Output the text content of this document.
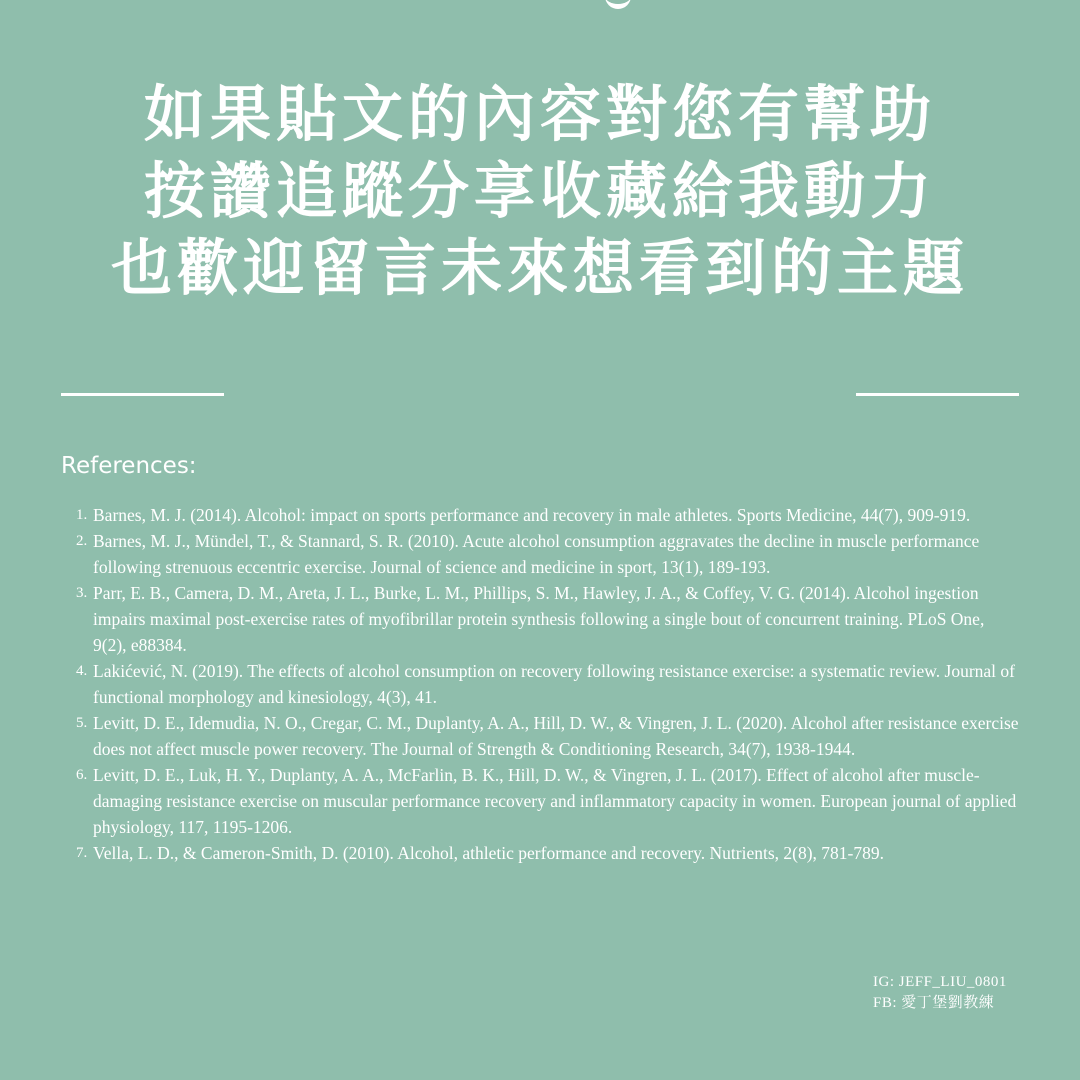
如果貼文的內容對您有幫助
按讚追蹤分享收藏給我動力
也歡迎留言未來想看到的主題
References:
1. Barnes, M. J. (2014). Alcohol: impact on sports performance and recovery in male athletes. Sports Medicine, 44(7), 909-919.
2. Barnes, M. J., Mündel, T., & Stannard, S. R. (2010). Acute alcohol consumption aggravates the decline in muscle performance following strenuous eccentric exercise. Journal of science and medicine in sport, 13(1), 189-193.
3. Parr, E. B., Camera, D. M., Areta, J. L., Burke, L. M., Phillips, S. M., Hawley, J. A., & Coffey, V. G. (2014). Alcohol ingestion impairs maximal post-exercise rates of myofibrillar protein synthesis following a single bout of concurrent training. PLoS One, 9(2), e88384.
4. Lakićević, N. (2019). The effects of alcohol consumption on recovery following resistance exercise: a systematic review. Journal of functional morphology and kinesiology, 4(3), 41.
5. Levitt, D. E., Idemudia, N. O., Cregar, C. M., Duplanty, A. A., Hill, D. W., & Vingren, J. L. (2020). Alcohol after resistance exercise does not affect muscle power recovery. The Journal of Strength & Conditioning Research, 34(7), 1938-1944.
6. Levitt, D. E., Luk, H. Y., Duplanty, A. A., McFarlin, B. K., Hill, D. W., & Vingren, J. L. (2017). Effect of alcohol after muscle-damaging resistance exercise on muscular performance recovery and inflammatory capacity in women. European journal of applied physiology, 117, 1195-1206.
7. Vella, L. D., & Cameron-Smith, D. (2010). Alcohol, athletic performance and recovery. Nutrients, 2(8), 781-789.
IG: JEFF_LIU_0801
FB: 愛丁堡劉教練
